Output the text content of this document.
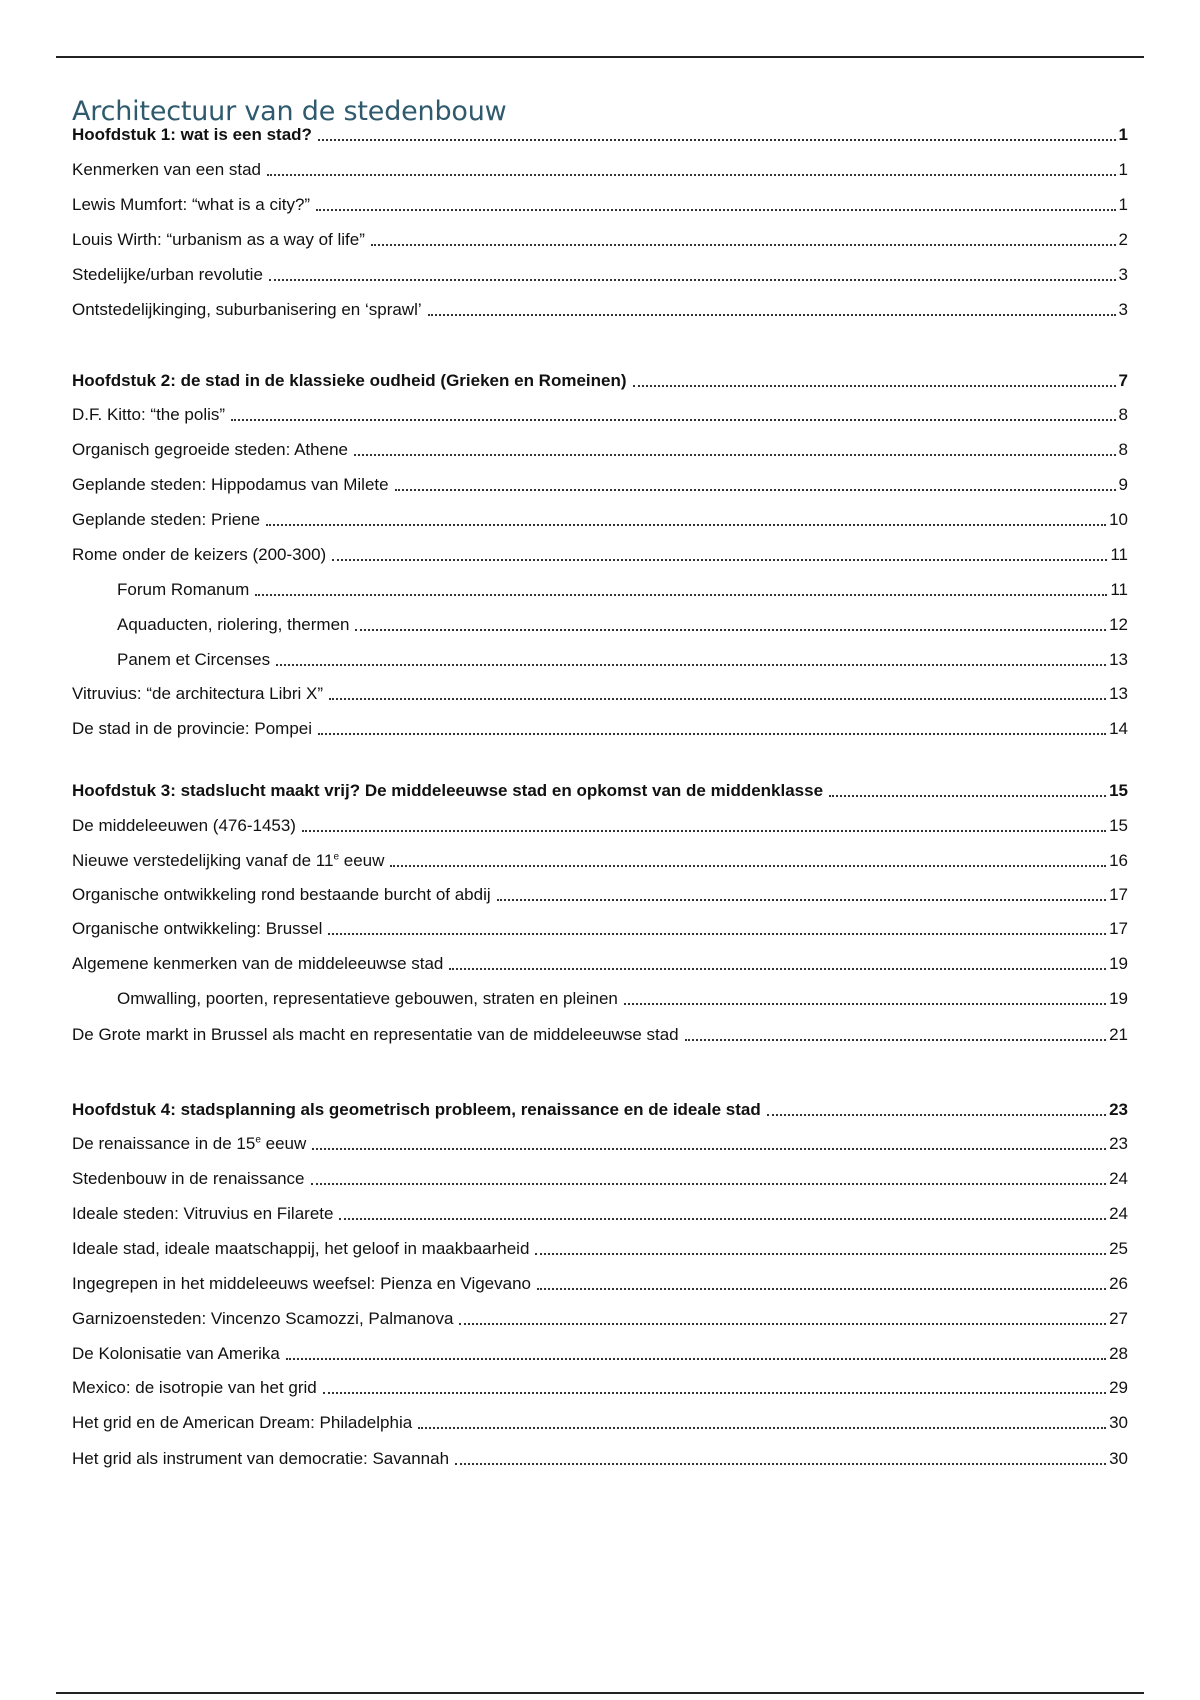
Architectuur van de stedenbouw
Hoofdstuk 1: wat is een stad?	1
Kenmerken van een stad	1
Lewis Mumfort: “what is a city?”	1
Louis Wirth: “urbanism as a way of life”	2
Stedelijke/urban revolutie	3
Ontstedelijkinging, suburbanisering en ‘sprawl’	3
Hoofdstuk 2: de stad in de klassieke oudheid (Grieken en Romeinen)	7
D.F. Kitto: “the polis”	8
Organisch gegroeide steden: Athene	8
Geplande steden: Hippodamus van Milete	9
Geplande steden: Priene	10
Rome onder de keizers (200-300)	11
Forum Romanum	11
Aquaducten, riolering, thermen	12
Panem et Circenses	13
Vitruvius: “de architectura Libri X”	13
De stad in de provincie: Pompei	14
Hoofdstuk 3: stadslucht maakt vrij? De middeleeuwse stad en opkomst van de middenklasse	15
De middeleeuwen (476-1453)	15
Nieuwe verstedelijking vanaf de 11e eeuw	16
Organische ontwikkeling rond bestaande burcht of abdij	17
Organische ontwikkeling: Brussel	17
Algemene kenmerken van de middeleeuwse stad	19
Omwalling, poorten, representatieve gebouwen, straten en pleinen	19
De Grote markt in Brussel als macht en representatie van de middeleeuwse stad	21
Hoofdstuk 4: stadsplanning als geometrisch probleem, renaissance en de ideale stad	23
De renaissance in de 15e eeuw	23
Stedenbouw in de renaissance	24
Ideale steden: Vitruvius en Filarete	24
Ideale stad, ideale maatschappij, het geloof in maakbaarheid	25
Ingegrepen in het middeleeuws weefsel: Pienza en Vigevano	26
Garnizoensteden: Vincenzo Scamozzi, Palmanova	27
De Kolonisatie van Amerika	28
Mexico: de isotropie van het grid	29
Het grid en de American Dream: Philadelphia	30
Het grid als instrument van democratie: Savannah	30
